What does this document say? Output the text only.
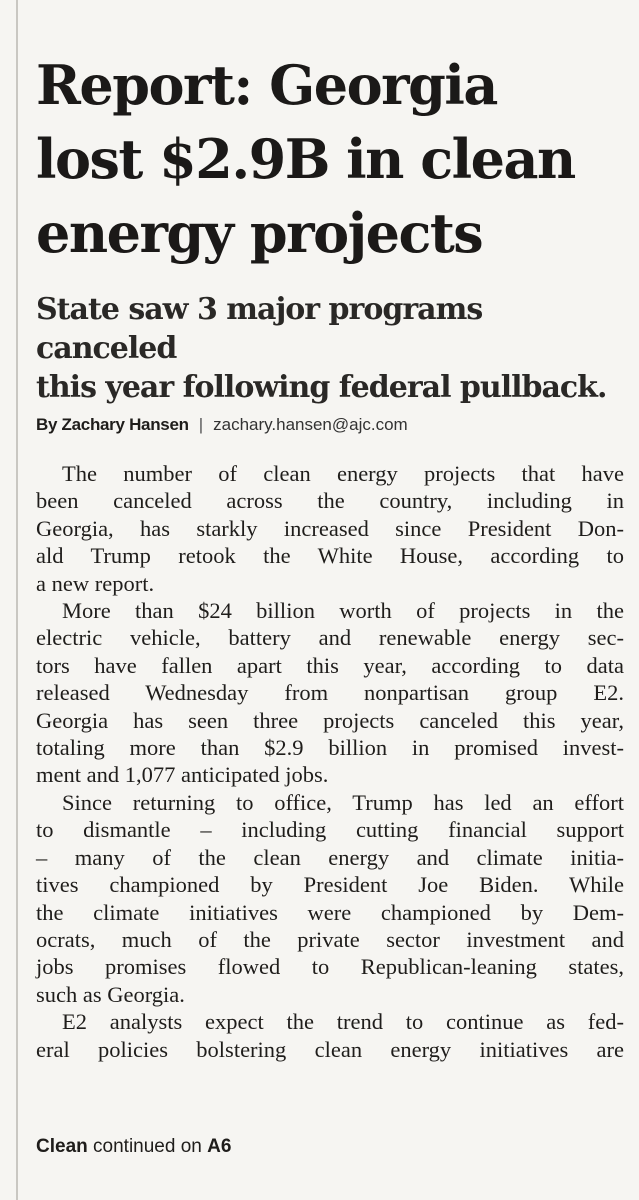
Report: Georgia
lost $2.9B in clean
energy projects
State saw 3 major programs canceled
this year following federal pullback.
By Zachary Hansen | zachary.hansen@ajc.com
The number of clean energy projects that have
been canceled across the country, including in
Georgia, has starkly increased since President Don-
ald Trump retook the White House, according to
a new report.
More than $24 billion worth of projects in the
electric vehicle, battery and renewable energy sec-
tors have fallen apart this year, according to data
released Wednesday from nonpartisan group E2.
Georgia has seen three projects canceled this year,
totaling more than $2.9 billion in promised invest-
ment and 1,077 anticipated jobs.
Since returning to office, Trump has led an effort
to dismantle – including cutting financial support
– many of the clean energy and climate initia-
tives championed by President Joe Biden. While
the climate initiatives were championed by Dem-
ocrats, much of the private sector investment and
jobs promises flowed to Republican-leaning states,
such as Georgia.
E2 analysts expect the trend to continue as fed-
eral policies bolstering clean energy initiatives are
Clean continued on A6
